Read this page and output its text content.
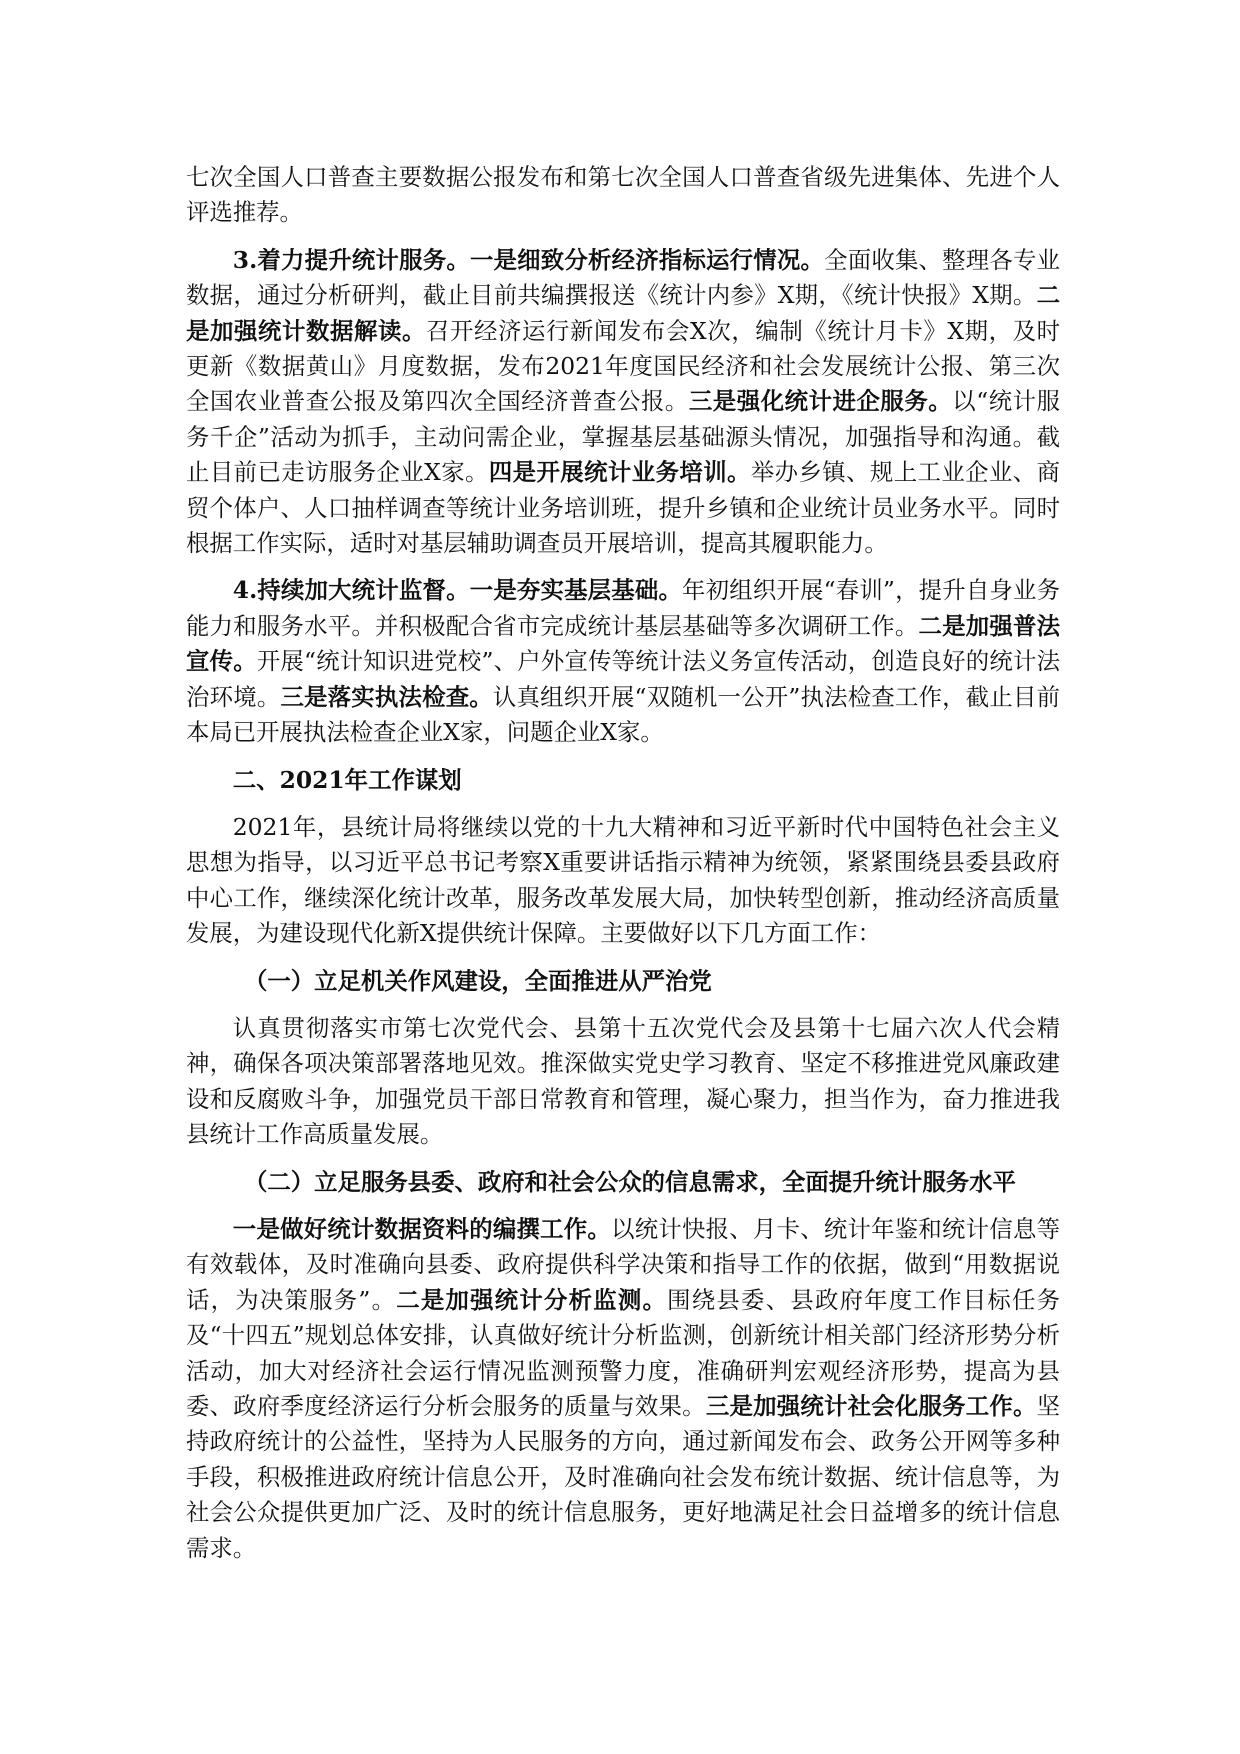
七次全国人口普查主要数据公报发布和第七次全国人口普查省级先进集体、先进个人评选推荐。

3.着力提升统计服务。一是细致分析经济指标运行情况。全面收集、整理各专业数据，通过分析研判，截止目前共编撰报送《统计内参》X期，《统计快报》X期。二是加强统计数据解读。召开经济运行新闻发布会X次，编制《统计月卡》X期，及时更新《数据黄山》月度数据，发布2021年度国民经济和社会发展统计公报、第三次全国农业普查公报及第四次全国经济普查公报。三是强化统计进企服务。以“统计服务千企”活动为抓手，主动问需企业，掌握基层基础源头情况，加强指导和沟通。截止目前已走访服务企业X家。四是开展统计业务培训。举办乡镇、规上工业企业、商贸个体户、人口抽样调查等统计业务培训班，提升乡镇和企业统计员业务水平。同时根据工作实际，适时对基层辅助调查员开展培训，提高其履职能力。

4.持续加大统计监督。一是夯实基层基础。年初组织开展“春训”，提升自身业务能力和服务水平。并积极配合省市完成统计基层基础等多次调研工作。二是加强普法宣传。开展“统计知识进党校”、户外宣传等统计法义务宣传活动，创造良好的统计法治环境。三是落实执法检查。认真组织开展“双随机一公开”执法检查工作，截止目前本局已开展执法检查企业X家，问题企业X家。

二、2021年工作谋划

2021年，县统计局将继续以党的十九大精神和习近平新时代中国特色社会主义思想为指导，以习近平总书记考察X重要讲话指示精神为统领，紧紧围绕县委县政府中心工作，继续深化统计改革，服务改革发展大局，加快转型创新，推动经济高质量发展，为建设现代化新X提供统计保障。主要做好以下几方面工作：

（一）立足机关作风建设，全面推进从严治党

认真贯彻落实市第七次党代会、县第十五次党代会及县第十七届六次人代会精神，确保各项决策部署落地见效。推深做实党史学习教育、坚定不移推进党风廉政建设和反腐败斗争，加强党员干部日常教育和管理，凝心聚力，担当作为，奋力推进我县统计工作高质量发展。

（二）立足服务县委、政府和社会公众的信息需求，全面提升统计服务水平

一是做好统计数据资料的编撰工作。以统计快报、月卡、统计年鉴和统计信息等有效载体，及时准确向县委、政府提供科学决策和指导工作的依据，做到“用数据说话，为决策服务”。二是加强统计分析监测。围绕县委、县政府年度工作目标任务及“十四五”规划总体安排，认真做好统计分析监测，创新统计相关部门经济形势分析活动，加大对经济社会运行情况监测预警力度，准确研判宏观经济形势，提高为县委、政府季度经济运行分析会服务的质量与效果。三是加强统计社会化服务工作。坚持政府统计的公益性，坚持为人民服务的方向，通过新闻发布会、政务公开网等多种手段，积极推进政府统计信息公开，及时准确向社会发布统计数据、统计信息等，为社会公众提供更加广泛、及时的统计信息服务，更好地满足社会日益增多的统计信息需求。
